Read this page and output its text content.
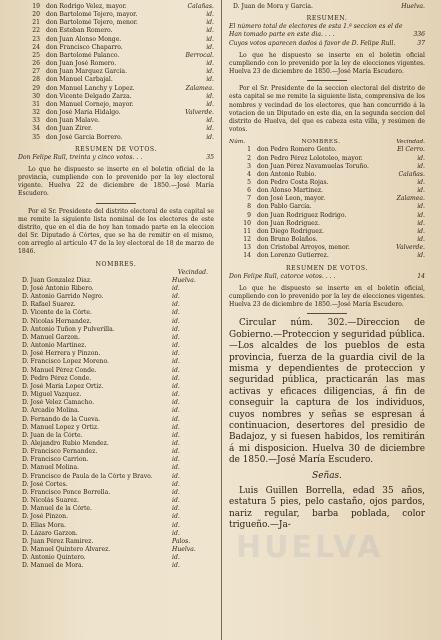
19 don Rodrigo Velez, mayor.	Calañas.
20 don Bartolomé Tejero, mayor.	id.
21 don Bartolomé Tejero, menor.	id.
22 don Esteban Romero.	id.
23 don Juan Alonso Monge.	id.
24 don Francisco Chaparro.	id.
25 don Bartolomé Palanco.	Berrocal.
26 don Juan José Romero.	id.
27 don Juan Marquez García.	id.
28 don Manuel Carbajal.	id.
29 don Manuel Lanchy y Lopez.	Zalamea.
30 don Vicente Delgado Zarza.	id.
31 don Manuel Cornejo, mayor.	id.
32 don José María Hidalgo.	Valverde.
33 don Juan Malave.	id.
34 don Juan Zirer.	id.
35 don José García Borrero.	id.
RESUMEN DE VOTOS.
Don Felipe Rull, treinta y cinco votos. . .	35
Lo que he dispuesto se inserte en el boletin oficial de la provincia, cumpliendo con lo prevenido por la ley electoral vigente. Huelva 22 de diciembre de 1850.—José María Escudero.
Por el Sr. Presidente del distrito electoral de esta capital se me remite la siguiente lista nominal de los electores de este distrito, que en el dia de hoy han tomado parte en la eleccion del Sr. Diputado á Córtes, que se ha de remitir en el mismo, con arreglo al artículo 47 de la ley electoral de 18 de marzo de 1846.
NOMBRES.
Vecindad.
D. Juan Gonzalez Diaz.	Huelva.
D. José Antonio Ribero.	id.
D. Antonio Garrido Negro.	id.
D. Rafael Suarez.	id.
D. Vicente de la Córte.	id.
D. Nicolas Hernandez.	id.
D. Antonio Tuñon y Pulverilla.	id.
D. Manuel Garzon.	id.
D. Antonio Martinez.	id.
D. José Herrera y Pinzon.	id.
D. Francisco Lopez Moreno.	id.
D. Manuel Pérez Conde.	id.
D. Pedro Pérez Conde.	id.
D. José María Lopez Ortiz.	id.
D. Miguel Vazquez.	id.
D. José Velez Camacho.	id.
D. Arcadio Molina.	id.
D. Fernando de la Cueva.	id.
D. Manuel Lopez y Ortiz.	id.
D. Juan de la Córte.	id.
D. Alejandro Rubio Mendez.	id.
D. Francisco Fernandez.	id.
D. Francisco Carrion.	id.
D. Manuel Molina.	id.
D. Francisco de Paula de la Córte y Bravo.	id.
D. José Cortes.	id.
D. Francisco Ponce Borrella.	id.
D. Nicolás Suarez.	id.
D. Manuel de la Córte.	id.
D. José Pinzon.	id.
D. Elias Mora.	id.
D. Lázaro Garzon.	id.
D. Juan Pérez Ramirez.	Palos.
D. Manuel Quintero Alvarez.	Huelva.
D. Antonio Quintero.	id.
D. Manuel de Mora.	id.
D. Juan de Mora y García.	Huelva.
RESUMEN.
El número total de electores de esta 1.ª seccion es el de
Han tomado parte en este dia. . . .	336
Cuyos votos aparecen dados á favor de D. Felipe Rull.	37
Lo que he dispuesto se inserte en el boletin oficial cumpliendo con lo prevenido por la ley de elecciones vigentes. Huelva 23 de diciembre de 1850.—José María Escudero.
Por el Sr. Presidente de la seccion electoral del distrito de esta capital se me remite la siguiente lista, comprensiva de los nombres y vecindad de los electores, que han concurrido á la votacion de un Diputado en este dia, en la segunda seccion del distrito de Huelva, del que es cabeza esta villa, y resúmen de votos.
Núm.	NOMBRES.	Vecindad.
1 don Pedro Romero Gento.	El Cerro.
2 don Pedro Pérez Lolotoleo, mayor.	id.
3 don Juan Pérez Navamuelas Toruño.	id.
4 don Antonio Rubio.	Calañas.
5 don Pedro Costa Rojas.	id.
6 don Alonso Martinez.	id.
7 don José Leon, mayor.	Zalamea.
8 don Pablo García.	id.
9 don Juan Rodriguez Rodrigo.	id.
10 don Juan Rodriguez.	id.
11 don Diego Rodriguez.	id.
12 don Bruno Bolaños.	id.
13 don Cristobal Arroyos, menor.	Valverde.
14 don Lorenzo Gutierrez.	id.
RESUMEN DE VOTOS.
Don Felipe Rull, catorce votos. . . .	14
Lo que he dispuesto se inserte en el boletin oficial, cumpliendo con lo prevenido por la ley de elecciones vigentes. Huelva 23 de diciembre de 1850.—José María Escudero.
Circular núm. 302.—Direccion de Gobierno.—Proteccion y seguridad pública.—Los alcaldes de los pueblos de esta provincia, fuerza de la guardia civil de la misma y dependientes de proteccion y seguridad pública, practicarán las mas activas y eficaces diligencias, á fin de conseguir la captura de los individuos, cuyos nombres y señas se espresan á continuacion, desertores del presidio de Badajoz, y si fuesen habidos, los remitirán á mi disposicion. Huelva 30 de diciembre de 1850.—José María Escudero.
Señas.
Luis Guillen Borrella, edad 35 años, estatura 5 pies, pelo castaño, ojos pardos, nariz regular, barba poblada, color trigueño.—Ja-
HUELVA
